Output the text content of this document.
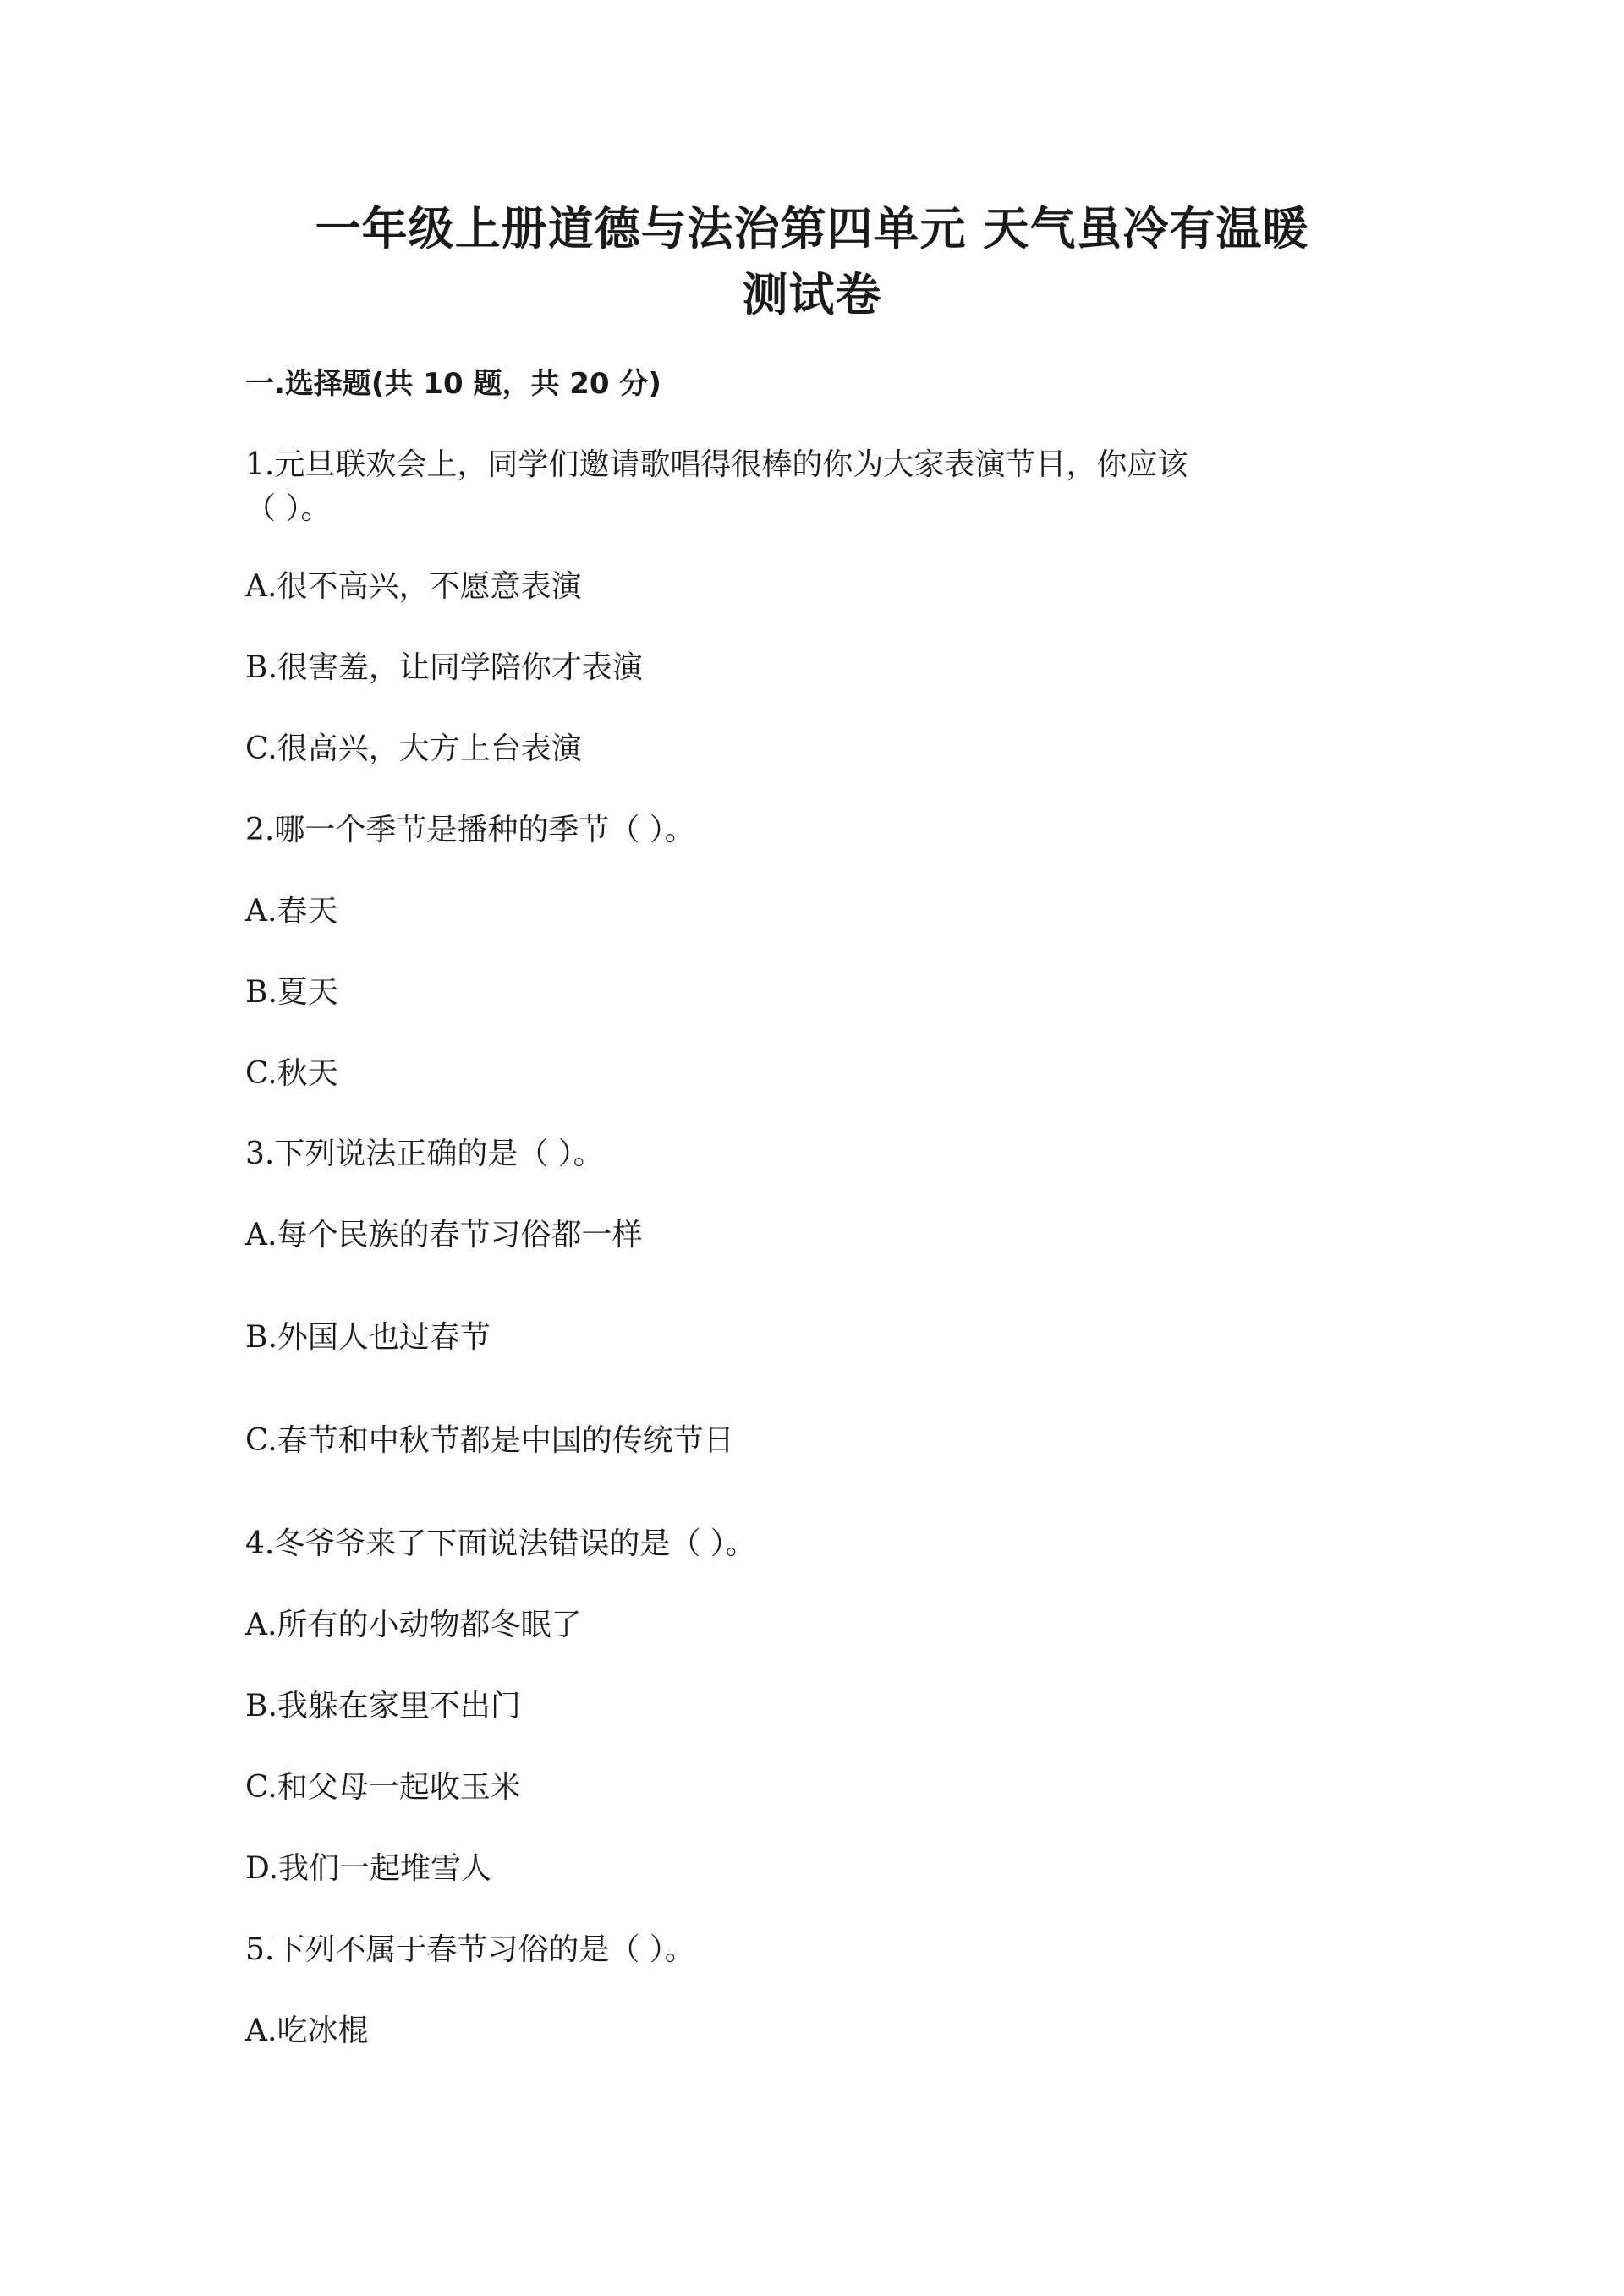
一年级上册道德与法治第四单元 天气虽冷有温暖
测试卷
一.选择题(共 10 题，共 20 分)
1.元旦联欢会上，同学们邀请歌唱得很棒的你为大家表演节目，你应该
（ ）。
A.很不高兴，不愿意表演
B.很害羞，让同学陪你才表演
C.很高兴，大方上台表演
2.哪一个季节是播种的季节（ ）。
A.春天
B.夏天
C.秋天
3.下列说法正确的是（ ）。
A.每个民族的春节习俗都一样
B.外国人也过春节
C.春节和中秋节都是中国的传统节日
4.冬爷爷来了下面说法错误的是（ ）。
A.所有的小动物都冬眠了
B.我躲在家里不出门
C.和父母一起收玉米
D.我们一起堆雪人
5.下列不属于春节习俗的是（ ）。
A.吃冰棍
